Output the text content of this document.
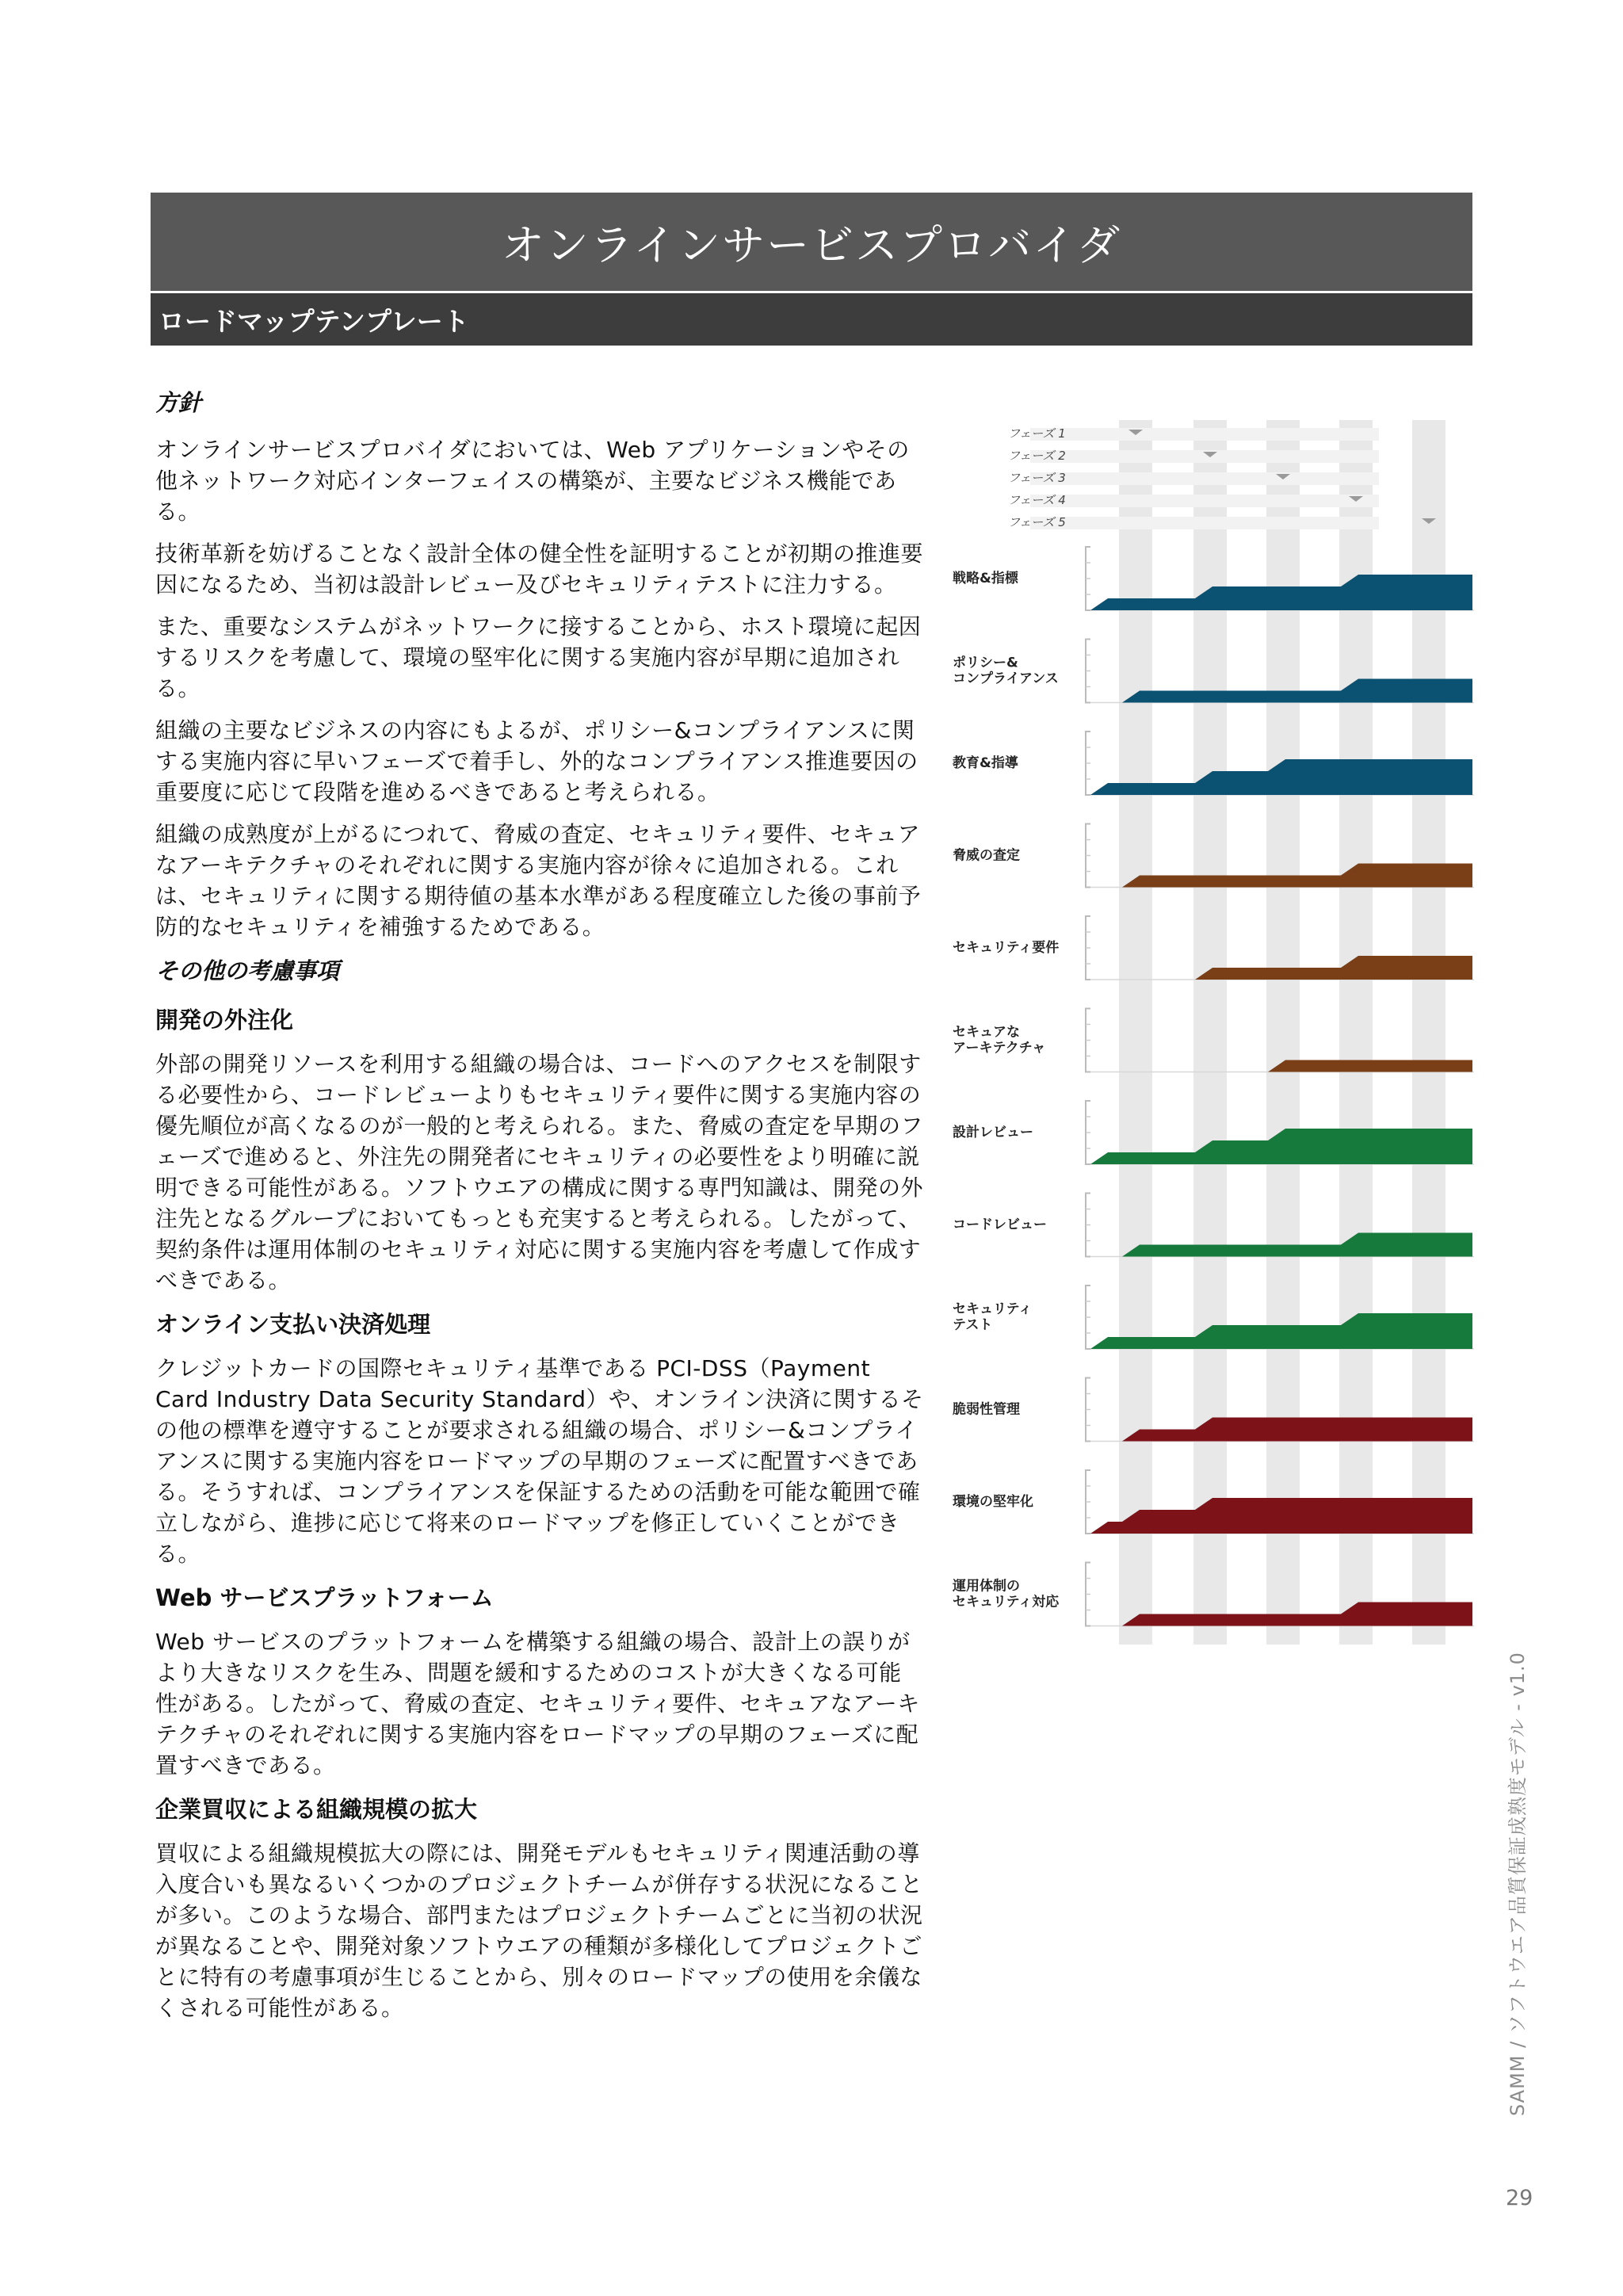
オンラインサービスプロバイダ
ロードマップテンプレート
方針

オンラインサービスプロバイダにおいては、Web アプリケーションやその他ネットワーク対応インターフェイスの構築が、主要なビジネス機能である。

技術革新を妨げることなく設計全体の健全性を証明することが初期の推進要因になるため、当初は設計レビュー及びセキュリティテストに注力する。

また、重要なシステムがネットワークに接することから、ホスト環境に起因するリスクを考慮して、環境の堅牢化に関する実施内容が早期に追加される。

組織の主要なビジネスの内容にもよるが、ポリシー&コンプライアンスに関する実施内容に早いフェーズで着手し、外的なコンプライアンス推進要因の重要度に応じて段階を進めるべきであると考えられる。

組織の成熟度が上がるにつれて、脅威の査定、セキュリティ要件、セキュアなアーキテクチャのそれぞれに関する実施内容が徐々に追加される。これは、セキュリティに関する期待値の基本水準がある程度確立した後の事前予防的なセキュリティを補強するためである。

その他の考慮事項
開発の外注化

外部の開発リソースを利用する組織の場合は、コードへのアクセスを制限する必要性から、コードレビューよりもセキュリティ要件に関する実施内容の優先順位が高くなるのが一般的と考えられる。また、脅威の査定を早期のフェーズで進めると、外注先の開発者にセキュリティの必要性をより明確に説明できる可能性がある。ソフトウエアの構成に関する専門知識は、開発の外注先となるグループにおいてもっとも充実すると考えられる。したがって、契約条件は運用体制のセキュリティ対応に関する実施内容を考慮して作成すべきである。

オンライン支払い決済処理

クレジットカードの国際セキュリティ基準である PCI-DSS（Payment Card Industry Data Security Standard）や、オンライン決済に関するその他の標準を遵守することが要求される組織の場合、ポリシー&コンプライアンスに関する実施内容をロードマップの早期のフェーズに配置すべきである。そうすれば、コンプライアンスを保証するための活動を可能な範囲で確立しながら、進捗に応じて将来のロードマップを修正していくことができる。

Web サービスプラットフォーム

Web サービスのプラットフォームを構築する組織の場合、設計上の誤りがより大きなリスクを生み、問題を緩和するためのコストが大きくなる可能性がある。したがって、脅威の査定、セキュリティ要件、セキュアなアーキテクチャのそれぞれに関する実施内容をロードマップの早期のフェーズに配置すべきである。

企業買収による組織規模の拡大

買収による組織規模拡大の際には、開発モデルもセキュリティ関連活動の導入度合いも異なるいくつかのプロジェクトチームが併存する状況になることが多い。このような場合、部門またはプロジェクトチームごとに当初の状況が異なることや、開発対象ソフトウエアの種類が多様化してプロジェクトごとに特有の考慮事項が生じることから、別々のロードマップの使用を余儀なくされる可能性がある。

フェーズ 1
フェーズ 2
フェーズ 3
フェーズ 4
フェーズ 5
戦略&指標
ポリシー&
コンプライアンス
教育&指導
脅威の査定
セキュリティ要件
セキュアな
アーキテクチャ
設計レビュー
コードレビュー
セキュリティ
テスト
脆弱性管理
環境の堅牢化
運用体制の
セキュリティ対応
SAMM / ソフトウエア品質保証成熟度モデル - v1.0
29
